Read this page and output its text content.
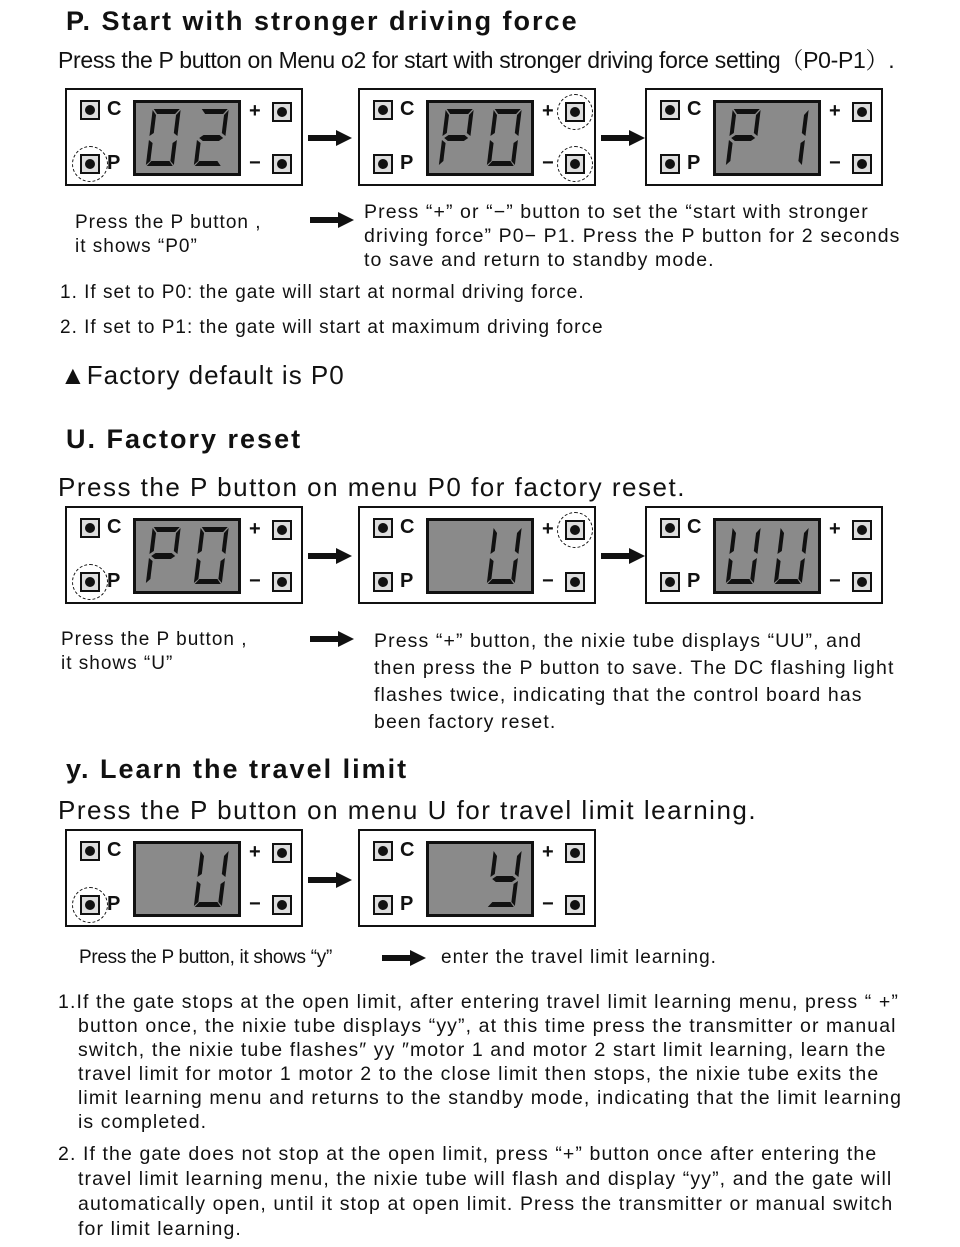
P. Start with stronger driving force
Press the P button on Menu o2 for start with stronger driving force setting（P0-P1）.
C
P
+
−
C
P
+
−
C
P
+
−
Press the P button ,
it shows “P0”
Press “+” or “−” button to set the “start with stronger driving force” P0− P1. Press the P button for 2 seconds to save and return to standby mode.
1. If set to P0: the gate will start at normal driving force.
2. If set to P1: the gate will start at maximum driving force
▲Factory default is P0
U. Factory reset
Press the P button on menu P0 for factory reset.
C
P
+
−
C
P
+
−
C
P
+
−
Press the P button ,
it shows “U”
Press “+” button, the nixie tube displays “UU”, and then press the P button to save. The DC flashing light flashes twice, indicating that the control board has been factory reset.
y. Learn the travel limit
Press the P button on menu U for travel limit learning.
C
P
+
−
C
P
+
−
Press the P button, it shows “y”	enter the travel limit learning.
1.If the gate stops at the open limit, after entering travel limit learning menu, press “ +” button once, the nixie tube displays “yy”, at this time press the transmitter or manual switch, the nixie tube flashes″ yy ″motor 1 and motor 2 start limit learning, learn the travel limit for motor 1 motor 2 to the close limit then stops, the nixie tube exits the limit learning menu and returns to the standby mode, indicating that the limit learning is completed.
2. If the gate does not stop at the open limit, press “+” button once after entering the travel limit learning menu, the nixie tube will flash and display “yy”, and the gate will automatically open, until it stop at open limit. Press the transmitter or manual switch for limit learning.
